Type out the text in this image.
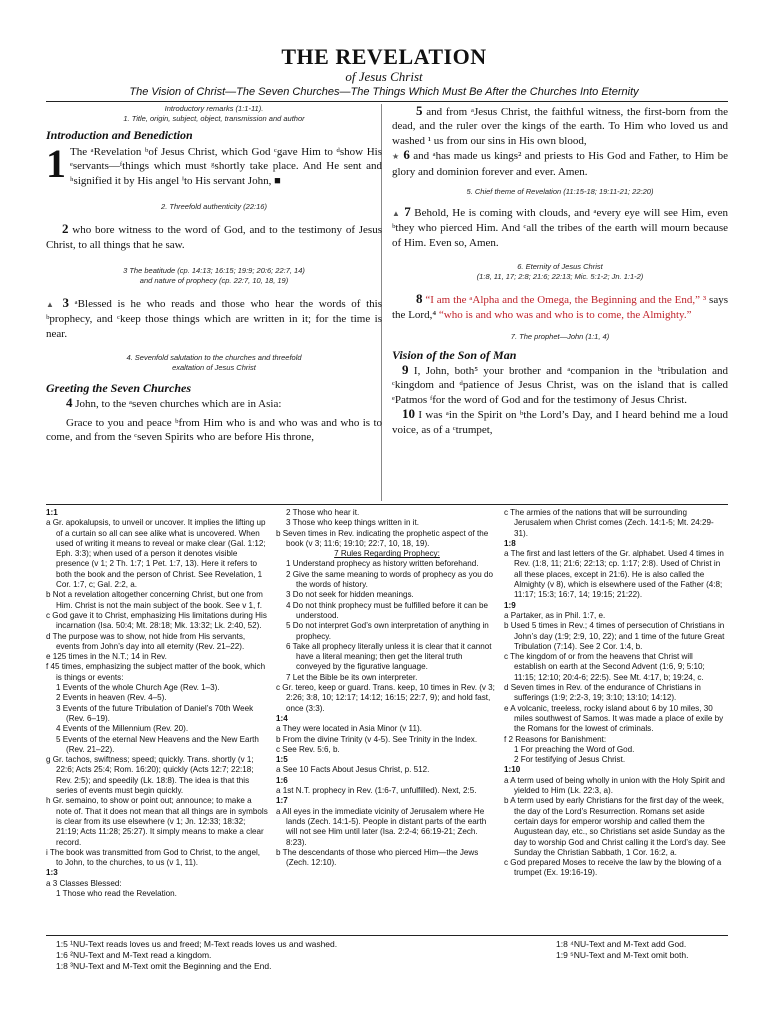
THE REVELATION
of Jesus Christ
The Vision of Christ—The Seven Churches—The Things Which Must Be After the Churches Into Eternity
Introductory remarks (1:1-11).
1. Title, origin, subject, object, transmission and author
Introduction and Benediction
1 The ᵃRevelation ᵇof Jesus Christ, which God ᶜgave Him to ᵈshow His ᵉservants—ᶠthings which must ᵍshortly take place. And He sent and ʰsignified it by His angel ⁱto His servant John, ■
2. Threefold authenticity (22:16)
2 who bore witness to the word of God, and to the testimony of Jesus Christ, to all things that he saw.
3 The beatitude (cp. 14:13; 16:15; 19:9; 20:6; 22:7, 14)
and nature of prophecy (cp. 22:7, 10, 18, 19)
▲ 3 ᵃBlessed is he who reads and those who hear the words of this ᵇprophecy, and ᶜkeep those things which are written in it; for the time is near.
4. Sevenfold salutation to the churches and threefold
exaltation of Jesus Christ
Greeting the Seven Churches
4 John, to the ᵃseven churches which are in Asia:
Grace to you and peace ᵇfrom Him who is and who was and who is to come, and from the ᶜseven Spirits who are before His throne,
5 and from ᵃJesus Christ, the faithful witness, the first-born from the dead, and the ruler over the kings of the earth. To Him who loved us and washed ¹ us from our sins in His own blood,
★ 6 and ᵃhas made us kings² and priests to His God and Father, to Him be glory and dominion forever and ever. Amen.
5. Chief theme of Revelation (11:15-18; 19:11-21; 22:20)
▲ 7 Behold, He is coming with clouds, and ᵃevery eye will see Him, even ᵇthey who pierced Him. And ᶜall the tribes of the earth will mourn because of Him. Even so, Amen.
6. Eternity of Jesus Christ
(1:8, 11, 17; 2:8; 21:6; 22:13; Mic. 5:1-2; Jn. 1:1-2)
8 “I am the ᵃAlpha and the Omega, the Beginning and the End,” ³ says the Lord,⁴ “who is and who was and who is to come, the Almighty.”
7. The prophet—John (1:1, 4)
Vision of the Son of Man
9 I, John, both⁵ your brother and ᵃcompanion in the ᵇtribulation and ᶜkingdom and ᵈpatience of Jesus Christ, was on the island that is called ᵉPatmos ᶠfor the word of God and for the testimony of Jesus Christ.
10 I was ᵃin the Spirit on ᵇthe Lord’s Day, and I heard behind me a loud voice, as of a ᶜtrumpet,
1:1
a Gr. apokalupsis, to unveil or uncover. It implies the lifting up of a curtain so all can see alike what is uncovered. When used of writing it means to reveal or make clear (Gal. 1:12; Eph. 3:3); when used of a person it denotes visible presence (v 1; 2 Th. 1:7; 1 Pet. 1:7, 13). Here it refers to both the book and the person of Christ. See Revelation, 1 Cor. 1:7, c; Gal. 2:2, a.
b Not a revelation altogether concerning Christ, but one from Him. Christ is not the main subject of the book. See v 1, f.
c God gave it to Christ, emphasizing His limitations during His incarnation (Isa. 50:4; Mt. 28:18; Mk. 13:32; Lk. 2:40, 52).
d The purpose was to show, not hide from His servants, events from John’s day into all eternity (Rev. 21–22).
e 125 times in the N.T.; 14 in Rev.
f 45 times, emphasizing the subject matter of the book, which is things or events:
1 Events of the whole Church Age (Rev. 1–3).
2 Events in heaven (Rev. 4–5).
3 Events of the future Tribulation of Daniel’s 70th Week (Rev. 6–19).
4 Events of the Millennium (Rev. 20).
5 Events of the eternal New Heavens and the New Earth (Rev. 21–22).
g Gr. tachos, swiftness; speed; quickly. Trans. shortly (v 1; 22:6; Acts 25:4; Rom. 16:20); quickly (Acts 12:7; 22:18; Rev. 2:5); and speedily (Lk. 18:8). The idea is that this series of events must begin quickly.
h Gr. semaino, to show or point out; announce; to make a note of. That it does not mean that all things are in symbols is clear from its use elsewhere (v 1; Jn. 12:33; 18:32; 21:19; Acts 11:28; 25:27). It simply means to make a clear record.
i The book was transmitted from God to Christ, to the angel, to John, to the churches, to us (v 1, 11).
1:3
a 3 Classes Blessed:
1 Those who read the Revelation.
2 Those who hear it.
3 Those who keep things written in it.
b Seven times in Rev. indicating the prophetic aspect of the book (v 3; 11:6; 19:10; 22:7, 10, 18, 19).
7 Rules Regarding Prophecy:
1 Understand prophecy as history written beforehand.
2 Give the same meaning to words of prophecy as you do the words of history.
3 Do not seek for hidden meanings.
4 Do not think prophecy must be fulfilled before it can be understood.
5 Do not interpret God’s own interpretation of anything in prophecy.
6 Take all prophecy literally unless it is clear that it cannot have a literal meaning; then get the literal truth conveyed by the figurative language.
7 Let the Bible be its own interpreter.
c Gr. tereo, keep or guard. Trans. keep, 10 times in Rev. (v 3; 2:26; 3:8, 10; 12:17; 14:12; 16:15; 22:7, 9); and hold fast, once (3:3).
1:4
a They were located in Asia Minor (v 11).
b From the divine Trinity (v 4-5). See Trinity in the Index.
c See Rev. 5:6, b.
1:5
a See 10 Facts About Jesus Christ, p. 512.
1:6
a 1st N.T. prophecy in Rev. (1:6-7, unfulfilled). Next, 2:5.
1:7
a All eyes in the immediate vicinity of Jerusalem where He lands (Zech. 14:1-5). People in distant parts of the earth will not see Him until later (Isa. 2:2-4; 66:19-21; Zech. 8:23).
b The descendants of those who pierced Him—the Jews (Zech. 12:10).
c The armies of the nations that will be surrounding Jerusalem when Christ comes (Zech. 14:1-5; Mt. 24:29-31).
1:8
a The first and last letters of the Gr. alphabet. Used 4 times in Rev. (1:8, 11; 21:6; 22:13; cp. 1:17; 2:8). Used of Christ in all these places, except in 21:6). He is also called the Almighty (v 8), which is elsewhere used of the Father (4:8; 11:17; 15:3; 16:7, 14; 19:15; 21:22).
1:9
a Partaker, as in Phil. 1:7, e.
b Used 5 times in Rev.; 4 times of persecution of Christians in John’s day (1:9; 2:9, 10, 22); and 1 time of the future Great Tribulation (7:14). See 2 Cor. 1:4, b.
c The kingdom of or from the heavens that Christ will establish on earth at the Second Advent (1:6, 9; 5:10; 11:15; 12:10; 20:4-6; 22:5). See Mt. 4:17, b; 19:24, c.
d Seven times in Rev. of the endurance of Christians in sufferings (1:9; 2:2-3, 19; 3:10; 13:10; 14:12).
e A volcanic, treeless, rocky island about 6 by 10 miles, 30 miles southwest of Samos. It was made a place of exile by the Romans for the lowest of criminals.
f 2 Reasons for Banishment:
1 For preaching the Word of God.
2 For testifying of Jesus Christ.
1:10
a A term used of being wholly in union with the Holy Spirit and yielded to Him (Lk. 22:3, a).
b A term used by early Christians for the first day of the week, the day of the Lord’s Resurrection. Romans set aside certain days for emperor worship and called them the Augustean day, etc., so Christians set aside Sunday as the day to worship God and Christ calling it the Lord’s day. See Sunday the Christian Sabbath, 1 Cor. 16:2, a.
c God prepared Moses to receive the law by the blowing of a trumpet (Ex. 19:16-19).
1:5 ¹NU-Text reads loves us and freed; M-Text reads loves us and washed.
1:6 ²NU-Text and M-Text read a kingdom.
1:8 ³NU-Text and M-Text omit the Beginning and the End.
1:8 ⁴NU-Text and M-Text add God.
1:9 ⁵NU-Text and M-Text omit both.
